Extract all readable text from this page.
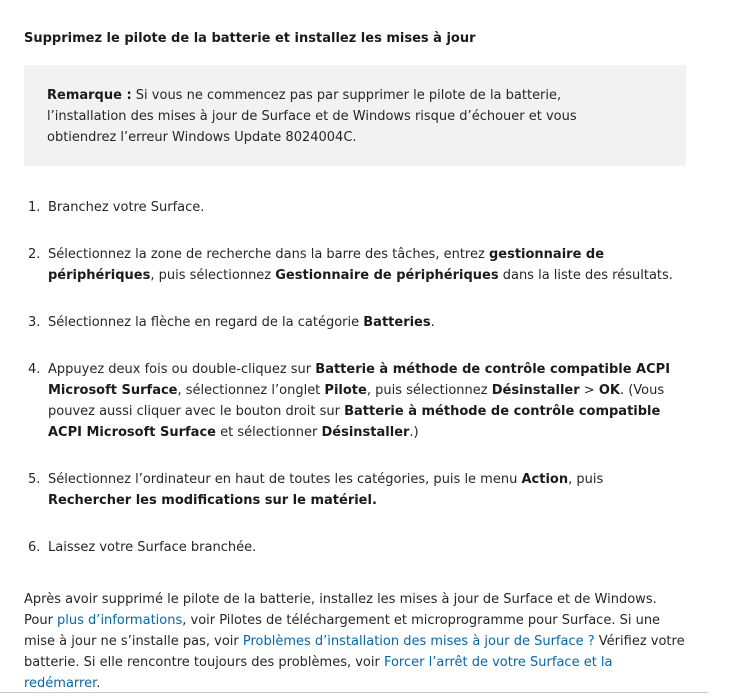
Supprimez le pilote de la batterie et installez les mises à jour
Remarque : Si vous ne commencez pas par supprimer le pilote de la batterie, l’installation des mises à jour de Surface et de Windows risque d’échouer et vous obtiendrez l’erreur Windows Update 8024004C.
1. Branchez votre Surface.
2. Sélectionnez la zone de recherche dans la barre des tâches, entrez gestionnaire de périphériques, puis sélectionnez Gestionnaire de périphériques dans la liste des résultats.
3. Sélectionnez la flèche en regard de la catégorie Batteries.
4. Appuyez deux fois ou double-cliquez sur Batterie à méthode de contrôle compatible ACPI Microsoft Surface, sélectionnez l’onglet Pilote, puis sélectionnez Désinstaller > OK. (Vous pouvez aussi cliquer avec le bouton droit sur Batterie à méthode de contrôle compatible ACPI Microsoft Surface et sélectionner Désinstaller.)
5. Sélectionnez l’ordinateur en haut de toutes les catégories, puis le menu Action, puis Rechercher les modifications sur le matériel.
6. Laissez votre Surface branchée.

Après avoir supprimé le pilote de la batterie, installez les mises à jour de Surface et de Windows. Pour plus d’informations, voir Pilotes de téléchargement et microprogramme pour Surface. Si une mise à jour ne s’installe pas, voir Problèmes d’installation des mises à jour de Surface ? Vérifiez votre batterie. Si elle rencontre toujours des problèmes, voir Forcer l’arrêt de votre Surface et la redémarrer.
